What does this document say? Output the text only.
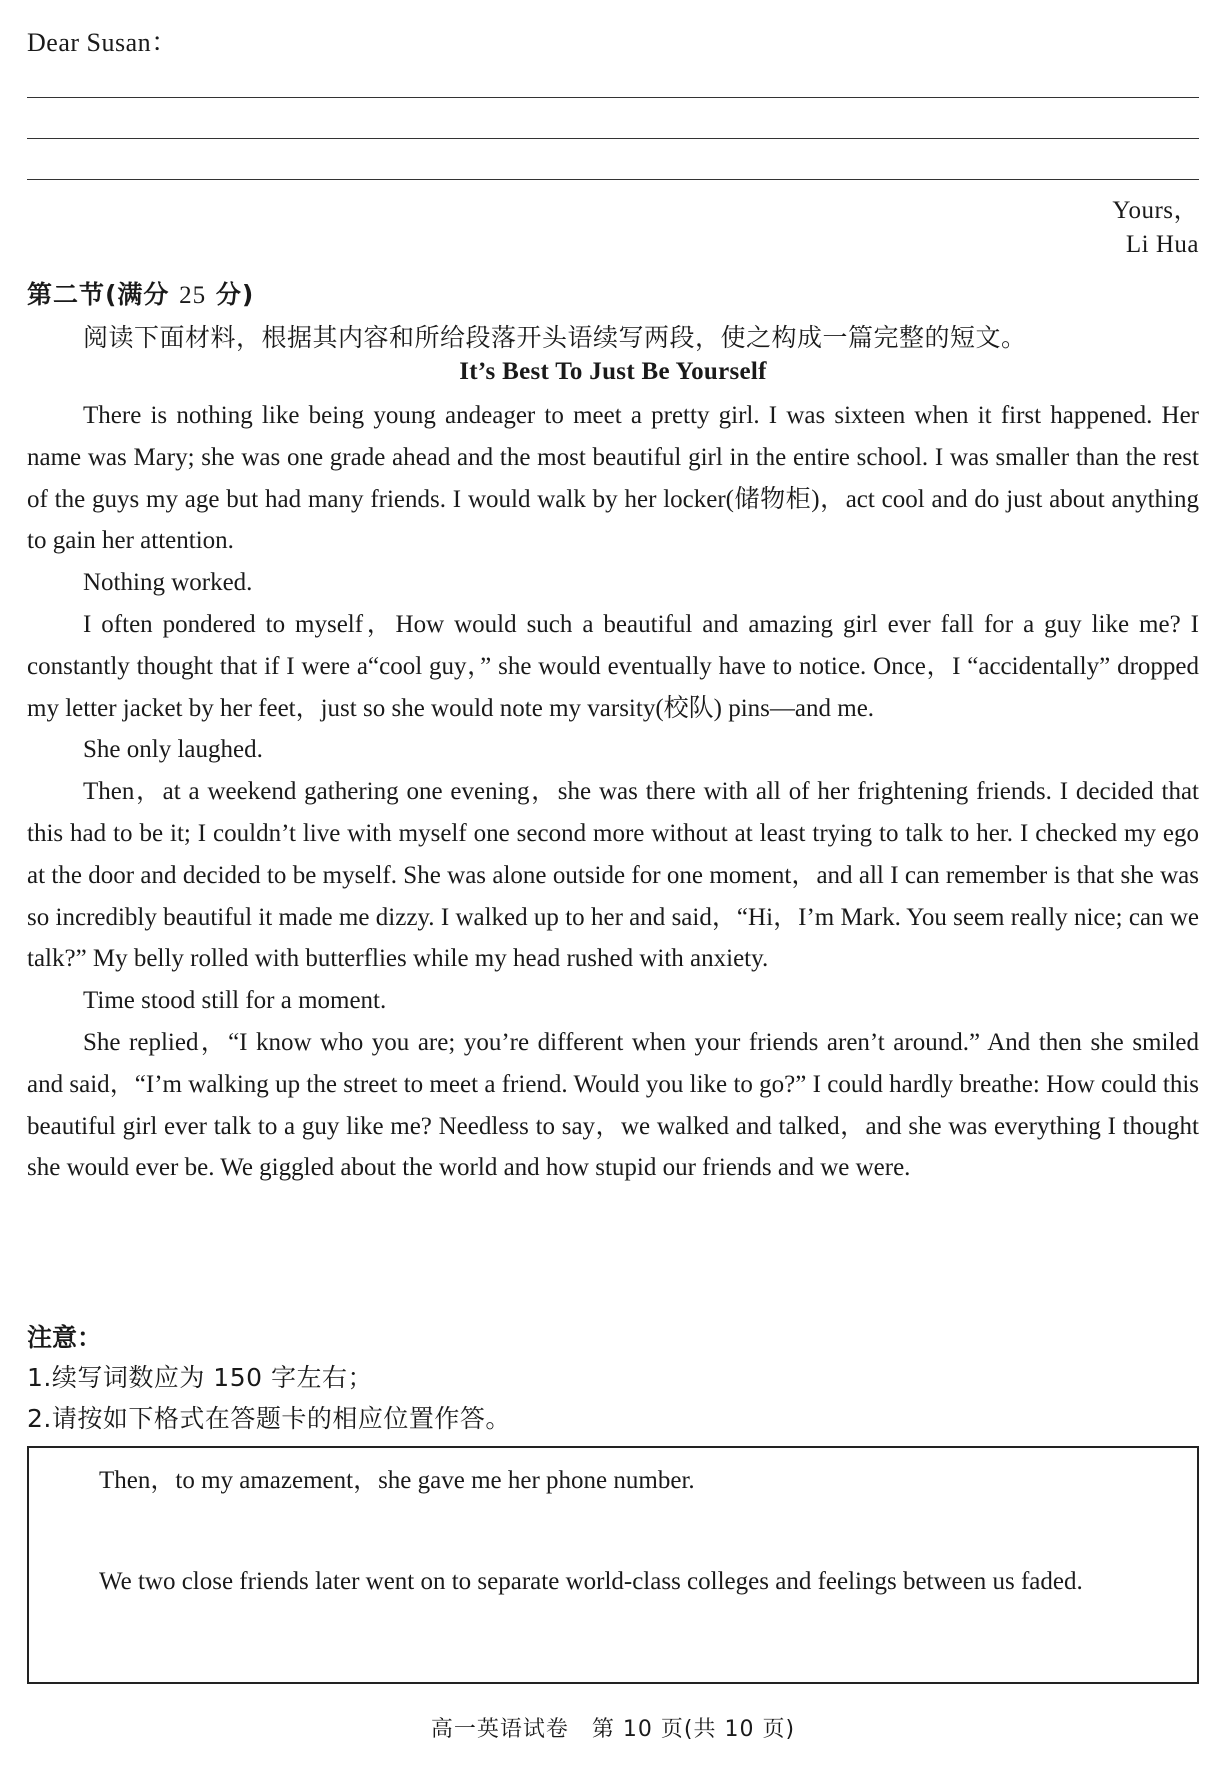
Dear Susan：
Yours，
Li Hua
第二节(满分 25 分)
阅读下面材料，根据其内容和所给段落开头语续写两段，使之构成一篇完整的短文。
It’s Best To Just Be Yourself

There is nothing like being young andeager to meet a pretty girl. I was sixteen when it first happened. Her name was Mary; she was one grade ahead and the most beautiful girl in the entire school. I was smaller than the rest of the guys my age but had many friends. I would walk by her locker(储物柜)，act cool and do just about anything to gain her attention.

Nothing worked.

I often pondered to myself，How would such a beautiful and amazing girl ever fall for a guy like me? I constantly thought that if I were a“cool guy，” she would eventually have to notice. Once，I “accidentally” dropped my letter jacket by her feet，just so she would note my varsity(校队) pins—and me.

She only laughed.

Then，at a weekend gathering one evening，she was there with all of her frightening friends. I decided that this had to be it; I couldn’t live with myself one second more without at least trying to talk to her. I checked my ego at the door and decided to be myself. She was alone outside for one moment，and all I can remember is that she was so incredibly beautiful it made me dizzy. I walked up to her and said，“Hi，I’m Mark. You seem really nice; can we talk?” My belly rolled with butterflies while my head rushed with anxiety.

Time stood still for a moment.

She replied，“I know who you are; you’re different when your friends aren’t around.” And then she smiled and said，“I’m walking up the street to meet a friend. Would you like to go?” I could hardly breathe: How could this beautiful girl ever talk to a guy like me? Needless to say，we walked and talked，and she was everything I thought she would ever be. We giggled about the world and how stupid our friends and we were.

注意：
1.续写词数应为 150 字左右；
2.请按如下格式在答题卡的相应位置作答。
Then，to my amazement，she gave me her phone number.
We two close friends later went on to separate world-class colleges and feelings between us faded.
高一英语试卷　第 10 页(共 10 页)
